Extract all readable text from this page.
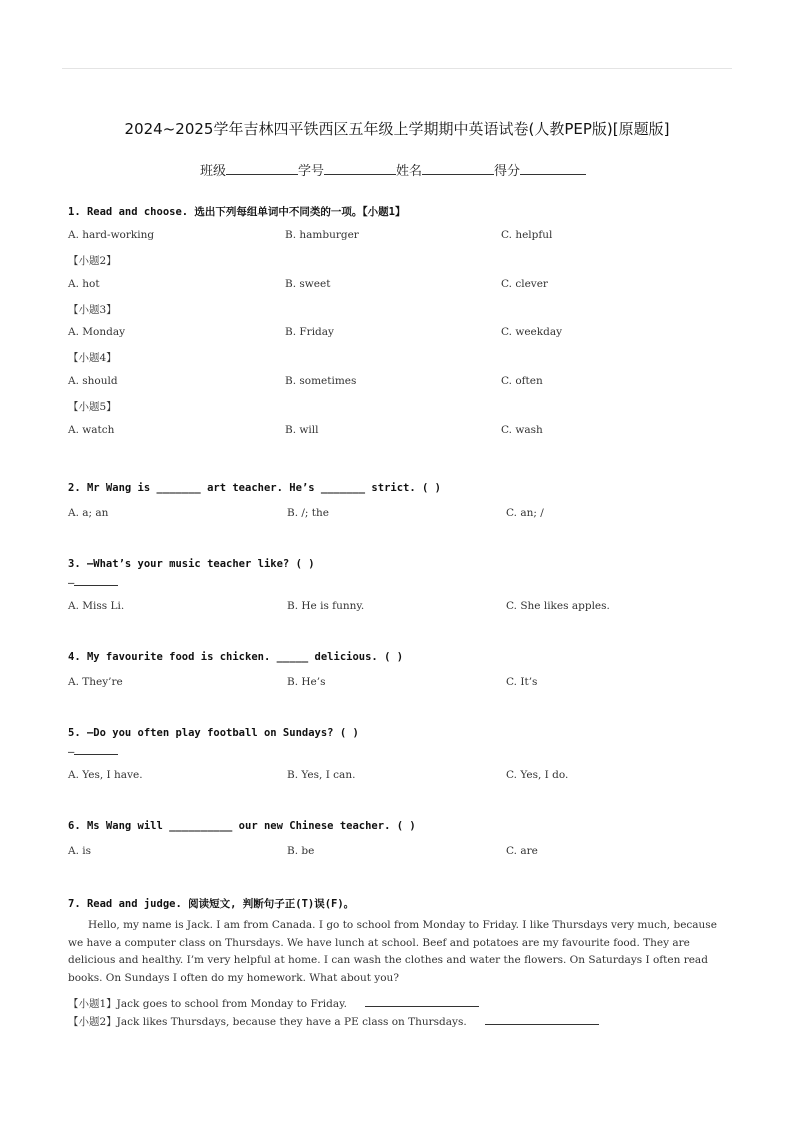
2024~2025学年吉林四平铁西区五年级上学期期中英语试卷(人教PEP版)[原题版]
班级	学号	姓名	得分
1. Read and choose. 选出下列每组单词中不同类的一项。【小题1】
A. hard-working	B. hamburger	C. helpful
【小题2】
A. hot	B. sweet	C. clever
【小题3】
A. Monday	B. Friday	C. weekday
【小题4】
A. should	B. sometimes	C. often
【小题5】
A. watch	B. will	C. wash
2. Mr Wang is _______ art teacher. He’s _______ strict. ( )
A. a; an	B. /; the	C. an; /
3. —What’s your music teacher like? ( )
—
A. Miss Li.	B. He is funny.	C. She likes apples.
4. My favourite food is chicken. _____ delicious. ( )
A. They’re	B. He’s	C. It’s
5. —Do you often play football on Sundays? ( )
—
A. Yes, I have.	B. Yes, I can.	C. Yes, I do.
6. Ms Wang will __________ our new Chinese teacher. ( )
A. is	B. be	C. are
7. Read and judge. 阅读短文, 判断句子正(T)误(F)。
Hello, my name is Jack. I am from Canada. I go to school from Monday to Friday. I like Thursdays very much, because we have a computer class on Thursdays. We have lunch at school. Beef and potatoes are my favourite food. They are delicious and healthy. I’m very helpful at home. I can wash the clothes and water the flowers. On Saturdays I often read books. On Sundays I often do my homework. What about you?
【小题1】Jack goes to school from Monday to Friday.
【小题2】Jack likes Thursdays, because they have a PE class on Thursdays.
